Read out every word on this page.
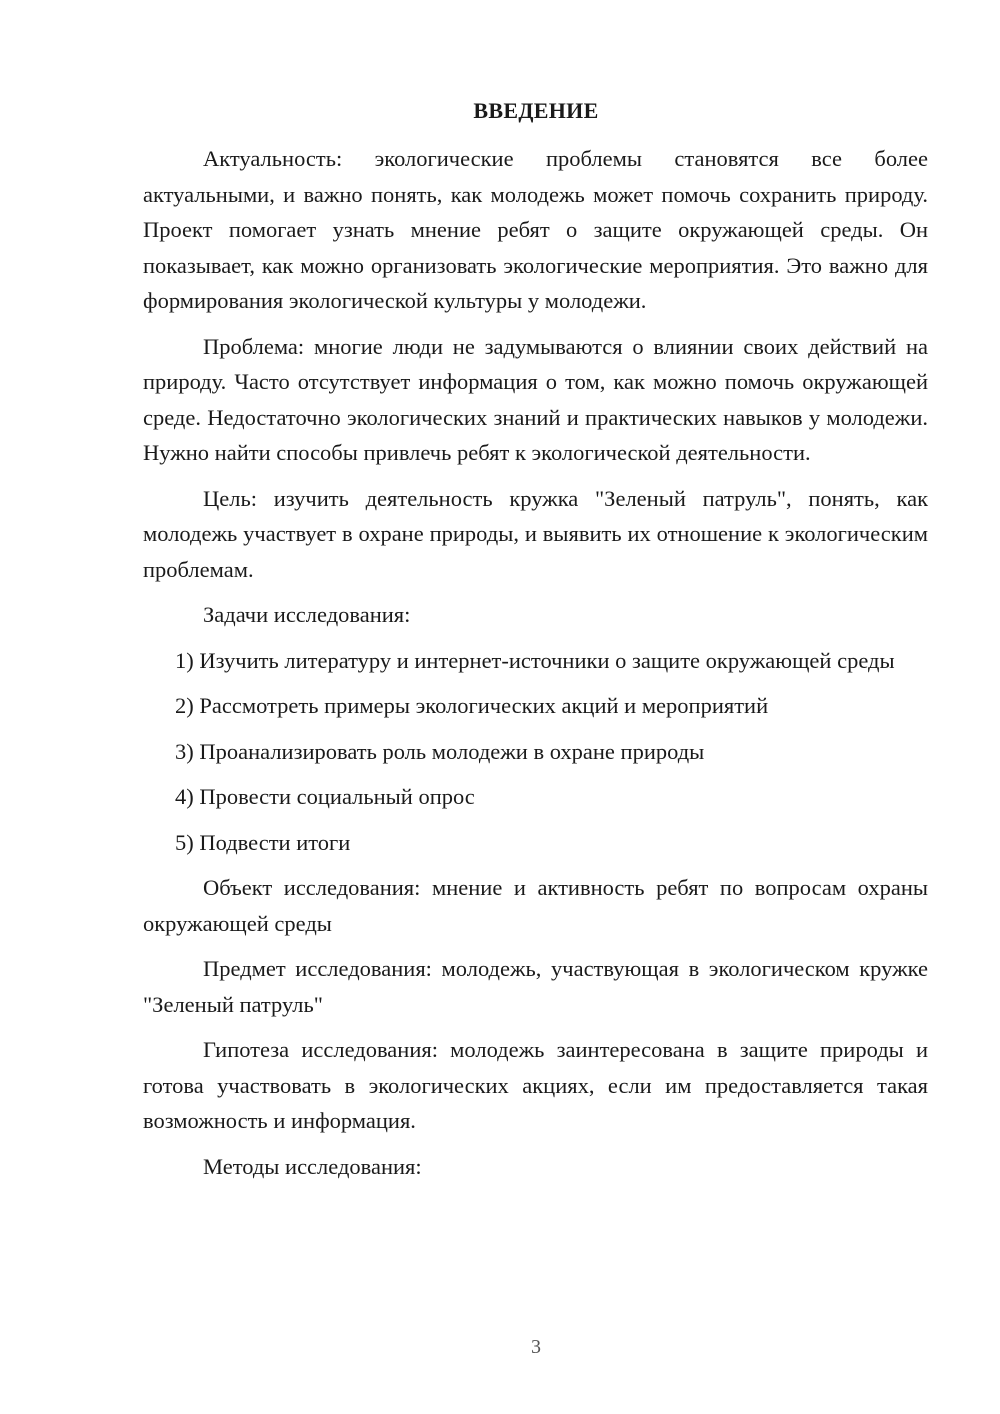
ВВЕДЕНИЕ

Актуальность: экологические проблемы становятся все более актуальными, и важно понять, как молодежь может помочь сохранить природу. Проект помогает узнать мнение ребят о защите окружающей среды. Он показывает, как можно организовать экологические мероприятия. Это важно для формирования экологической культуры у молодежи.

Проблема: многие люди не задумываются о влиянии своих действий на природу. Часто отсутствует информация о том, как можно помочь окружающей среде. Недостаточно экологических знаний и практических навыков у молодежи. Нужно найти способы привлечь ребят к экологической деятельности.

Цель: изучить деятельность кружка "Зеленый патруль", понять, как молодежь участвует в охране природы, и выявить их отношение к экологическим проблемам.

Задачи исследования:

1) Изучить литературу и интернет-источники о защите окружающей среды

2) Рассмотреть примеры экологических акций и мероприятий

3) Проанализировать роль молодежи в охране природы

4) Провести социальный опрос

5) Подвести итоги

Объект исследования: мнение и активность ребят по вопросам охраны окружающей среды

Предмет исследования: молодежь, участвующая в экологическом кружке "Зеленый патруль"

Гипотеза исследования: молодежь заинтересована в защите природы и готова участвовать в экологических акциях, если им предоставляется такая возможность и информация.

Методы исследования:

3
